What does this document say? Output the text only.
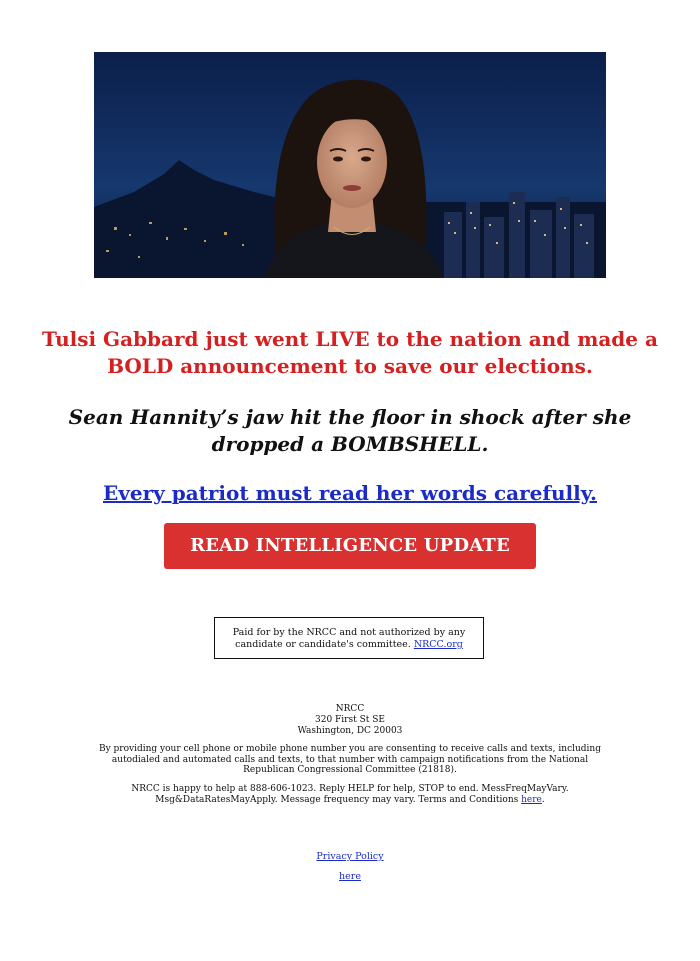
Tulsi Gabbard just went LIVE to the nation and made a BOLD announcement to save our elections.

Sean Hannity’s jaw hit the floor in shock after she dropped a BOMBSHELL.

Every patriot must read her words carefully.
READ INTELLIGENCE UPDATE
Paid for by the NRCC and not authorized by any candidate or candidate's committee. NRCC.org
NRCC
320 First St SE
Washington, DC 20003
By providing your cell phone or mobile phone number you are consenting to receive calls and texts, including autodialed and automated calls and texts, to that number with campaign notifications from the National Republican Congressional Committee (21818).
NRCC is happy to help at 888-606-1023. Reply HELP for help, STOP to end. MessFreqMayVary. Msg&DataRatesMayApply. Message frequency may vary. Terms and Conditions here.
Privacy Policy
here
